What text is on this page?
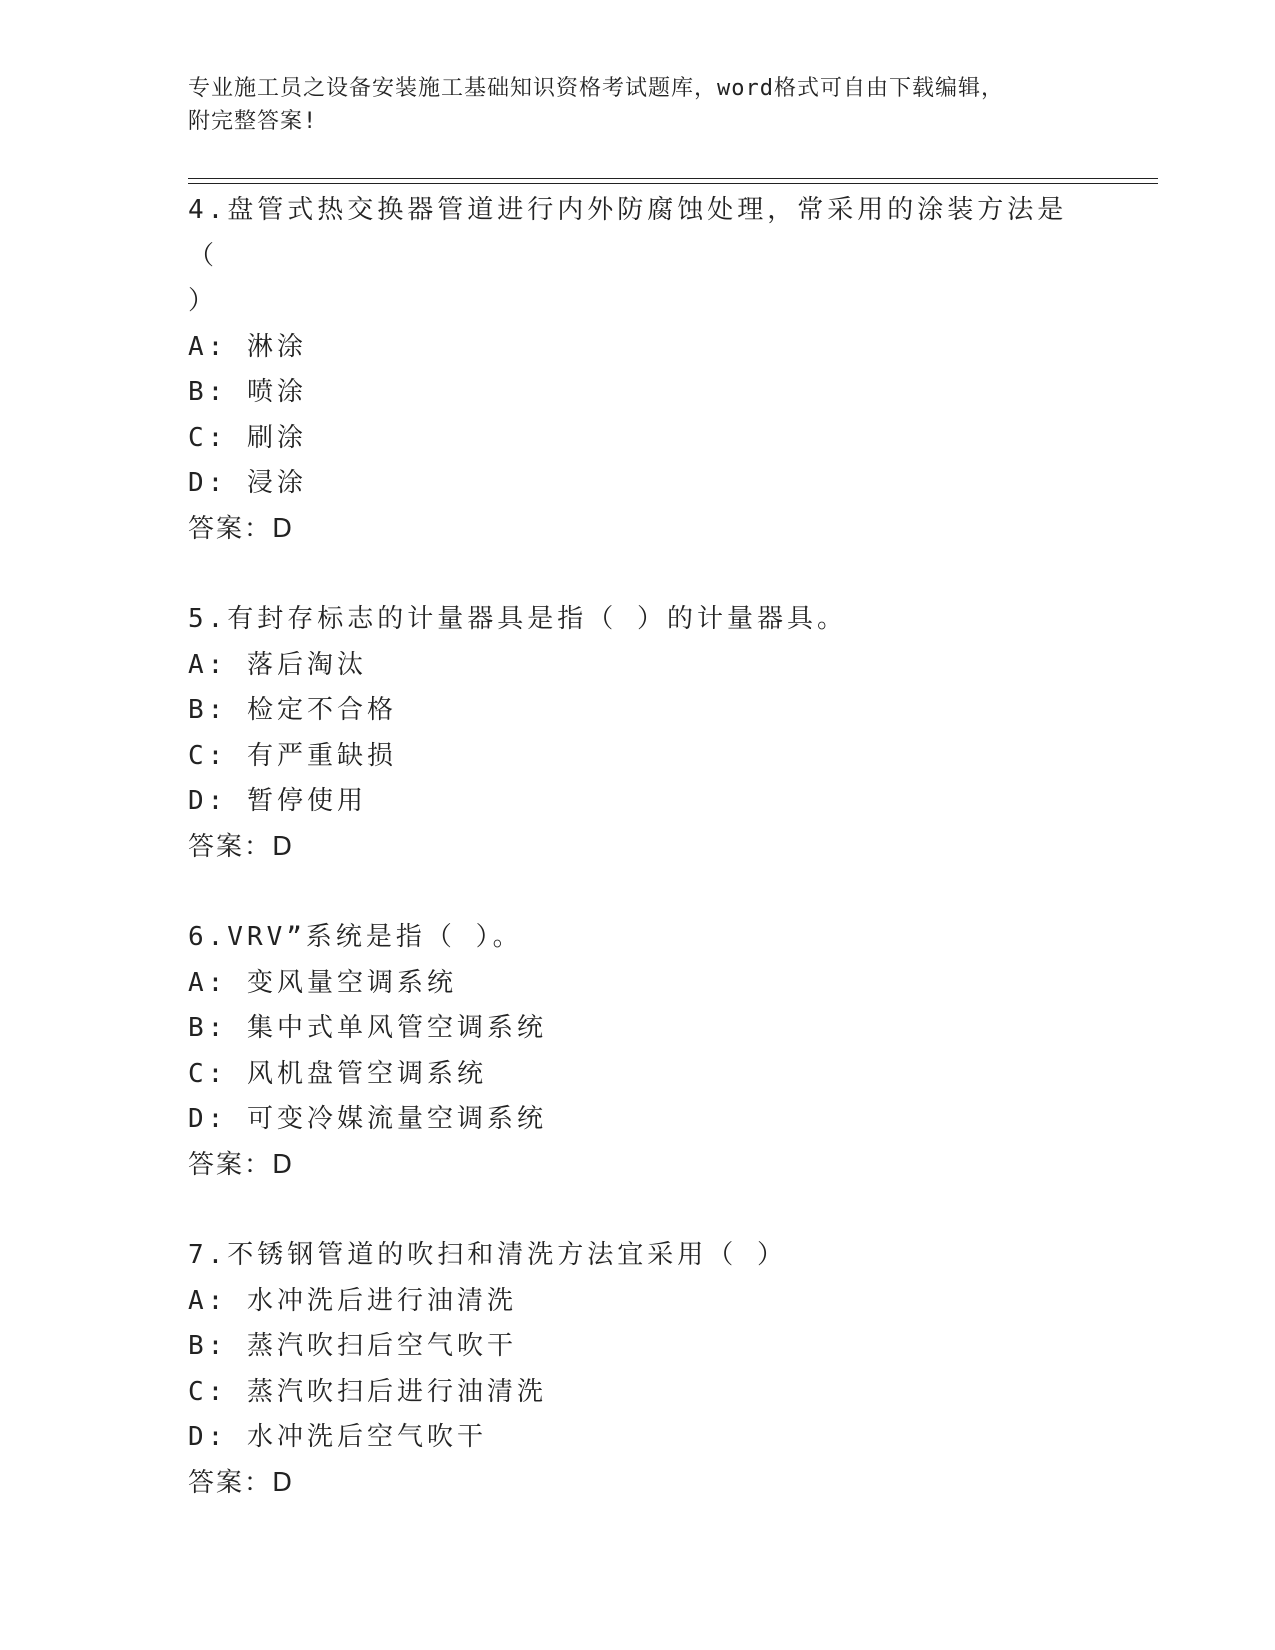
专业施工员之设备安装施工基础知识资格考试题库，word格式可自由下载编辑，
附完整答案!
4.盘管式热交换器管道进行内外防腐蚀处理，常采用的涂装方法是（
）
A: 淋涂
B: 喷涂
C: 刷涂
D: 浸涂
答案：D
5.有封存标志的计量器具是指（ ）的计量器具。
A: 落后淘汰
B: 检定不合格
C: 有严重缺损
D: 暂停使用
答案：D
6.VRV”系统是指（ ）。
A: 变风量空调系统
B: 集中式单风管空调系统
C: 风机盘管空调系统
D: 可变冷媒流量空调系统
答案：D
7.不锈钢管道的吹扫和清洗方法宜采用（ ）
A: 水冲洗后进行油清洗
B: 蒸汽吹扫后空气吹干
C: 蒸汽吹扫后进行油清洗
D: 水冲洗后空气吹干
答案：D
